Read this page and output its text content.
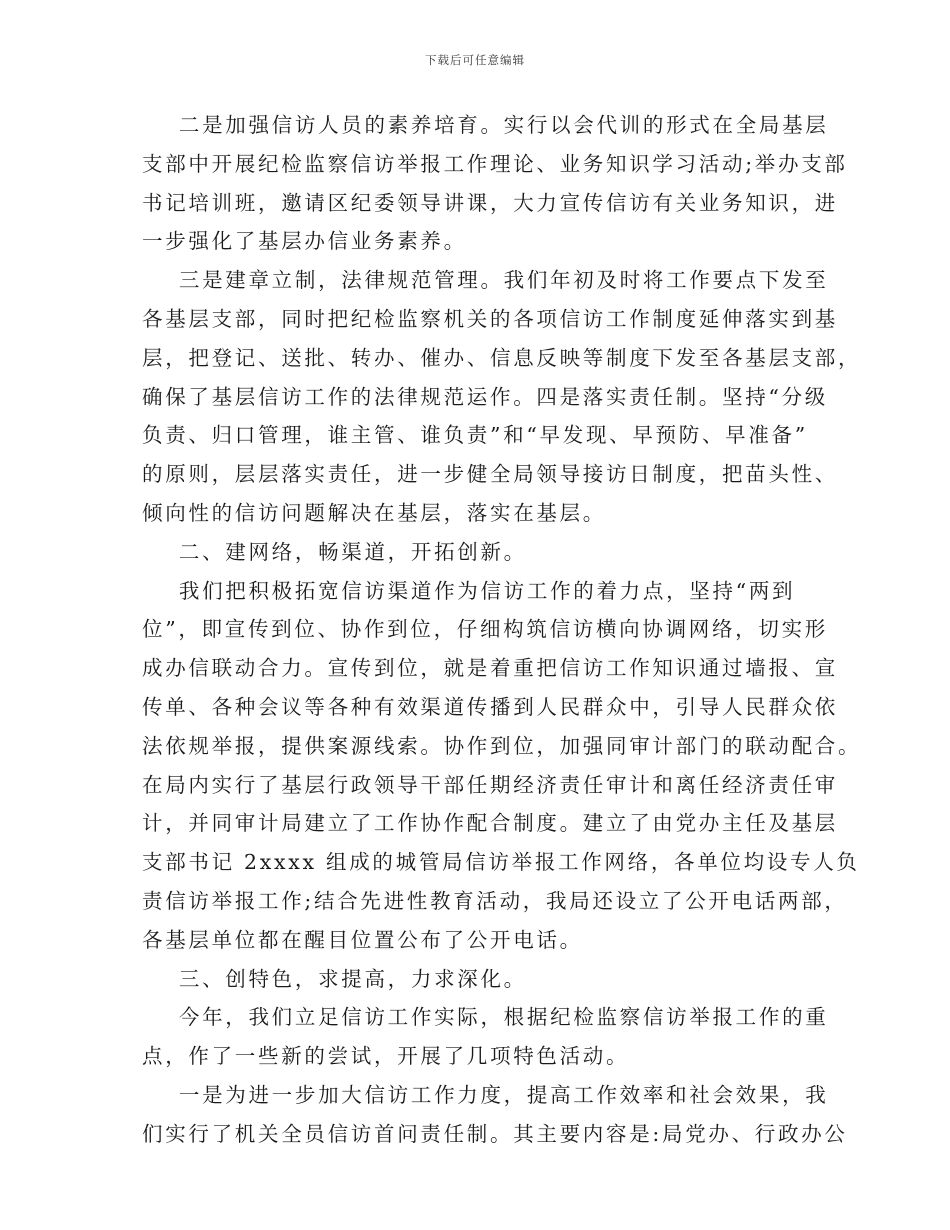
下载后可任意编辑

二是加强信访人员的素养培育。实行以会代训的形式在全局基层

支部中开展纪检监察信访举报工作理论、业务知识学习活动;举办支部

书记培训班，邀请区纪委领导讲课，大力宣传信访有关业务知识，进

一步强化了基层办信业务素养。

三是建章立制，法律规范管理。我们年初及时将工作要点下发至

各基层支部，同时把纪检监察机关的各项信访工作制度延伸落实到基

层，把登记、送批、转办、催办、信息反映等制度下发至各基层支部，

确保了基层信访工作的法律规范运作。四是落实责任制。坚持“分级

负责、归口管理，谁主管、谁负责”和“早发现、早预防、早准备”

的原则，层层落实责任，进一步健全局领导接访日制度，把苗头性、

倾向性的信访问题解决在基层，落实在基层。

二、建网络，畅渠道，开拓创新。

我们把积极拓宽信访渠道作为信访工作的着力点，坚持“两到

位”，即宣传到位、协作到位，仔细构筑信访横向协调网络，切实形

成办信联动合力。宣传到位，就是着重把信访工作知识通过墙报、宣

传单、各种会议等各种有效渠道传播到人民群众中，引导人民群众依

法依规举报，提供案源线索。协作到位，加强同审计部门的联动配合。

在局内实行了基层行政领导干部任期经济责任审计和离任经济责任审

计，并同审计局建立了工作协作配合制度。建立了由党办主任及基层

支部书记 2xxxx 组成的城管局信访举报工作网络，各单位均设专人负

责信访举报工作;结合先进性教育活动，我局还设立了公开电话两部，

各基层单位都在醒目位置公布了公开电话。

三、创特色，求提高，力求深化。

今年，我们立足信访工作实际，根据纪检监察信访举报工作的重

点，作了一些新的尝试，开展了几项特色活动。

一是为进一步加大信访工作力度，提高工作效率和社会效果，我

们实行了机关全员信访首问责任制。其主要内容是:局党办、行政办公
